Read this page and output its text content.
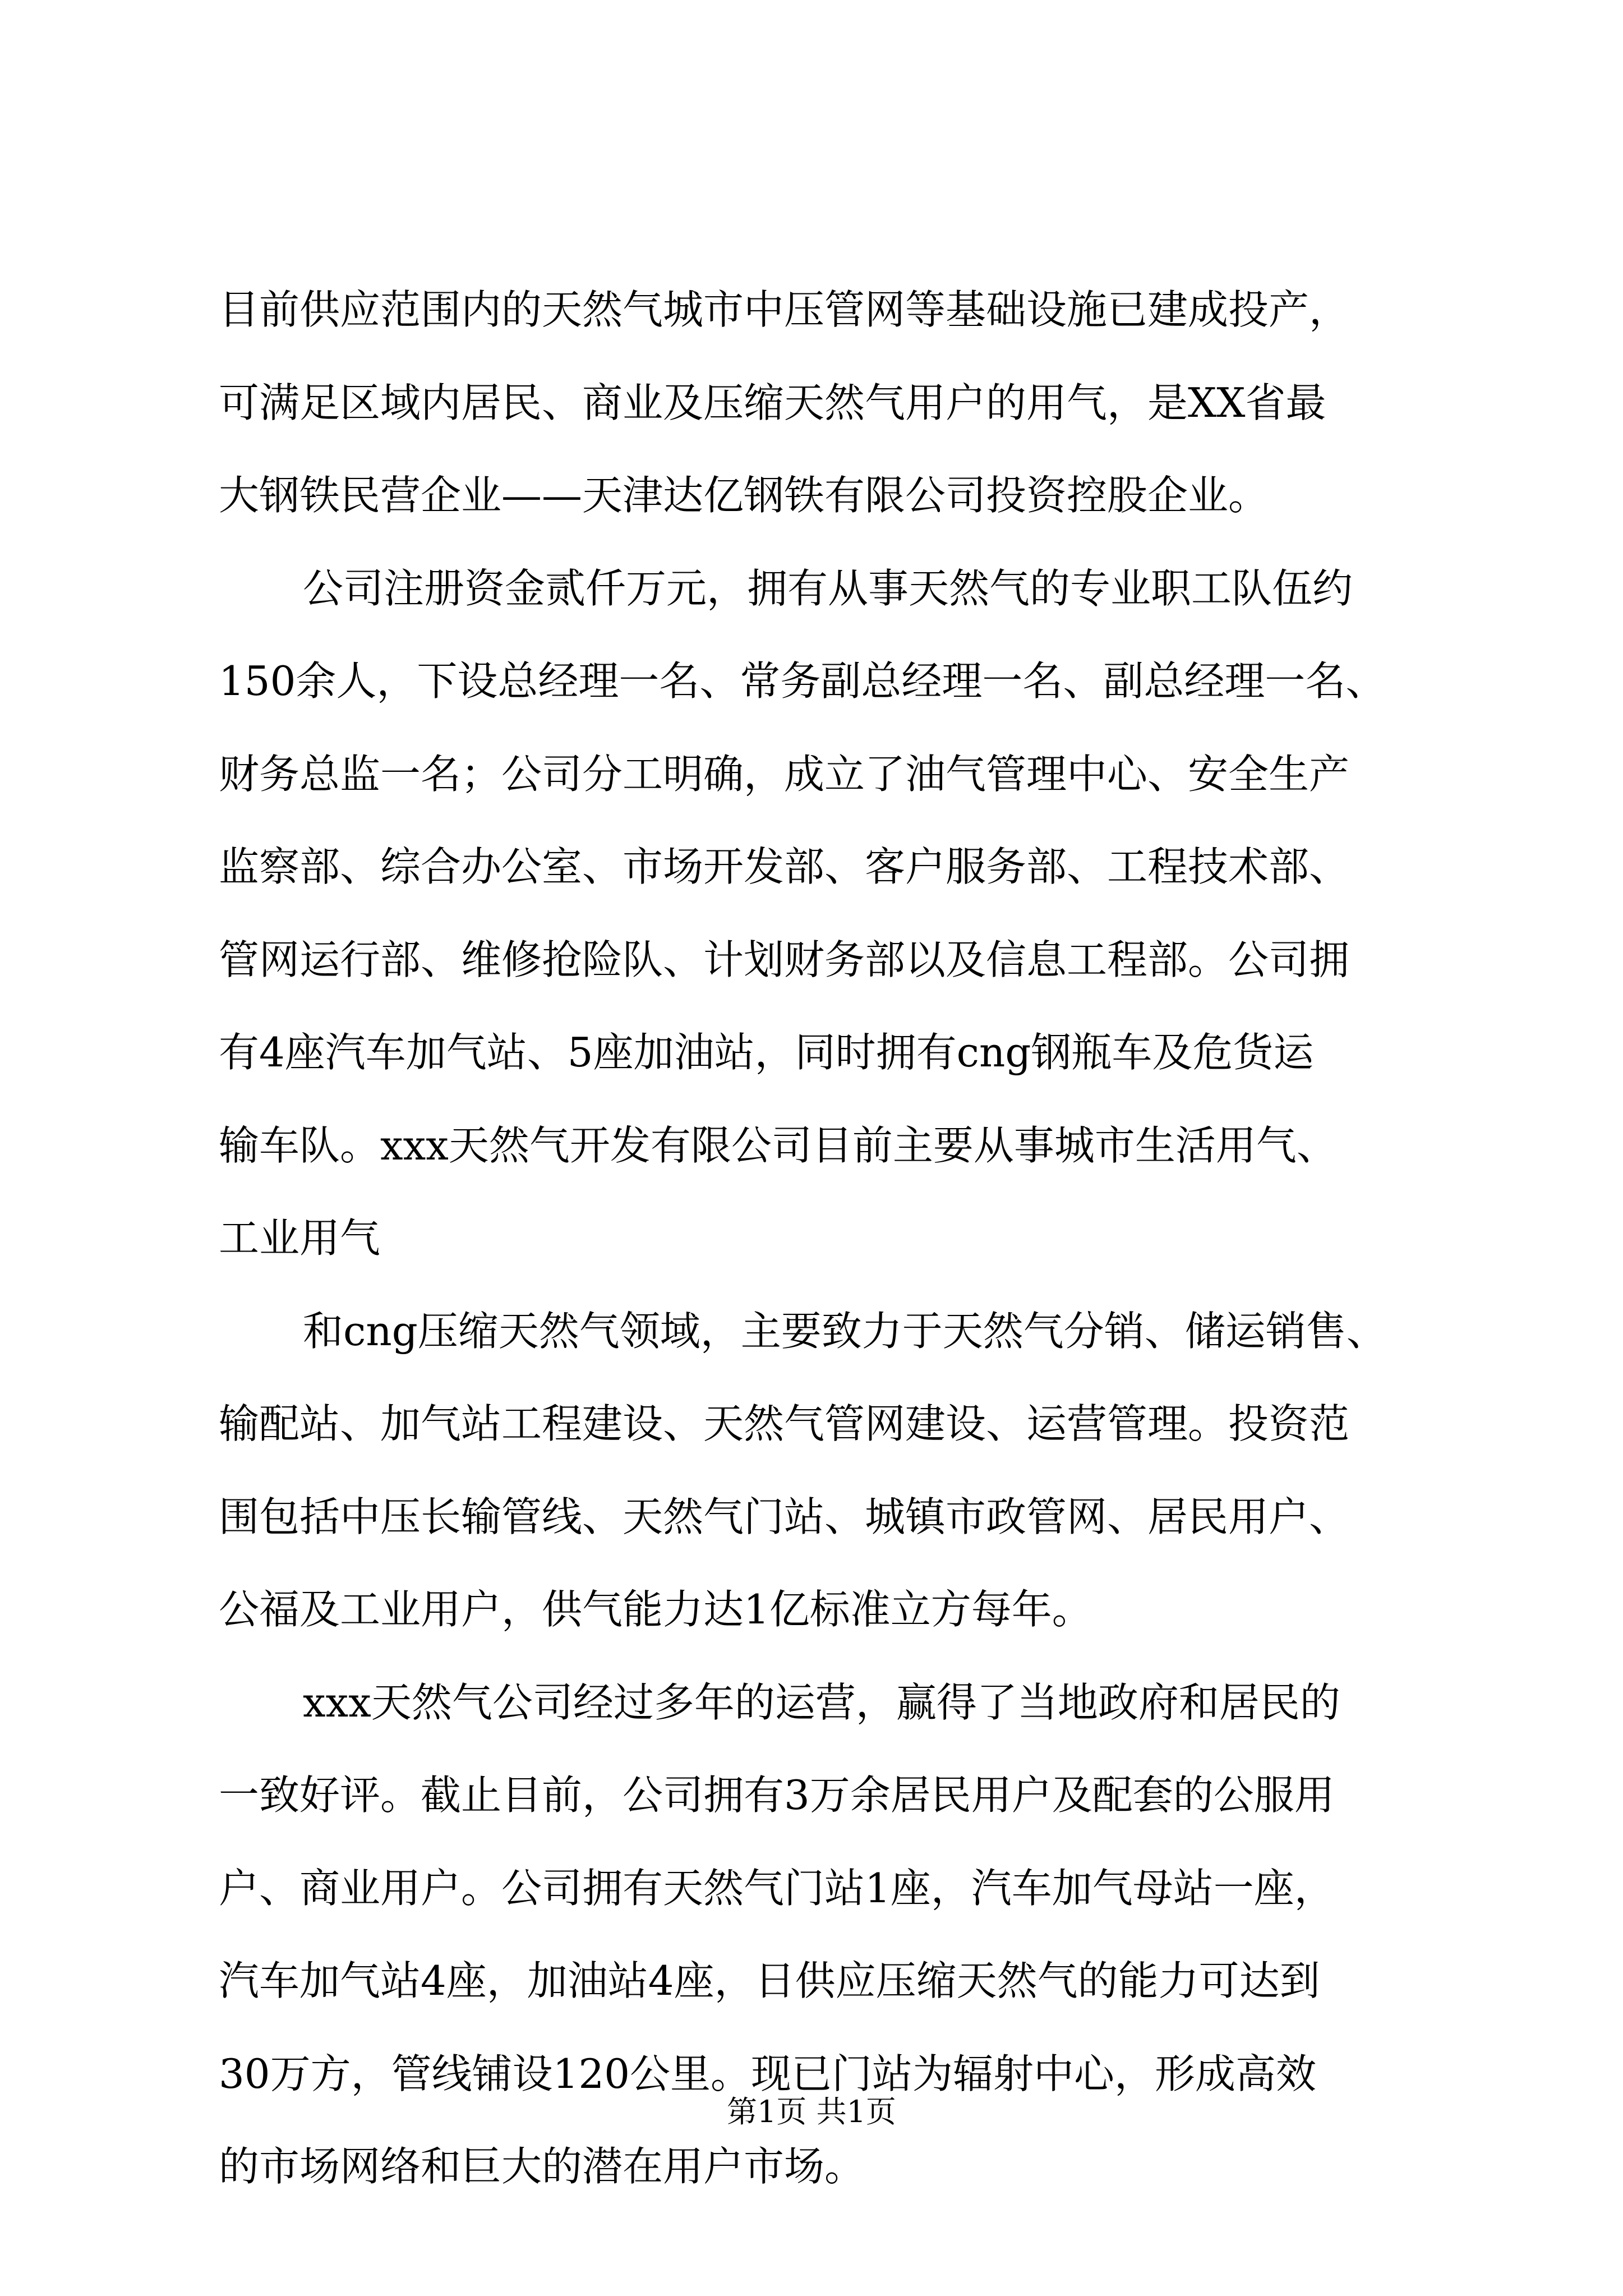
目前供应范围内的天然气城市中压管网等基础设施已建成投产，
可满足区域内居民、商业及压缩天然气用户的用气，是XX省最
大钢铁民营企业——天津达亿钢铁有限公司投资控股企业。
公司注册资金贰仟万元，拥有从事天然气的专业职工队伍约
150余人，下设总经理一名、常务副总经理一名、副总经理一名、
财务总监一名；公司分工明确，成立了油气管理中心、安全生产
监察部、综合办公室、市场开发部、客户服务部、工程技术部、
管网运行部、维修抢险队、计划财务部以及信息工程部。公司拥
有4座汽车加气站、5座加油站，同时拥有cng钢瓶车及危货运
输车队。xxx天然气开发有限公司目前主要从事城市生活用气、
工业用气
和cng压缩天然气领域，主要致力于天然气分销、储运销售、
输配站、加气站工程建设、天然气管网建设、运营管理。投资范
围包括中压长输管线、天然气门站、城镇市政管网、居民用户、
公福及工业用户，供气能力达1亿标准立方每年。
xxx天然气公司经过多年的运营，赢得了当地政府和居民的
一致好评。截止目前，公司拥有3万余居民用户及配套的公服用
户、商业用户。公司拥有天然气门站1座，汽车加气母站一座，
汽车加气站4座，加油站4座，日供应压缩天然气的能力可达到
30万方，管线铺设120公里。现已门站为辐射中心，形成高效
的市场网络和巨大的潜在用户市场。
第1页 共1页
